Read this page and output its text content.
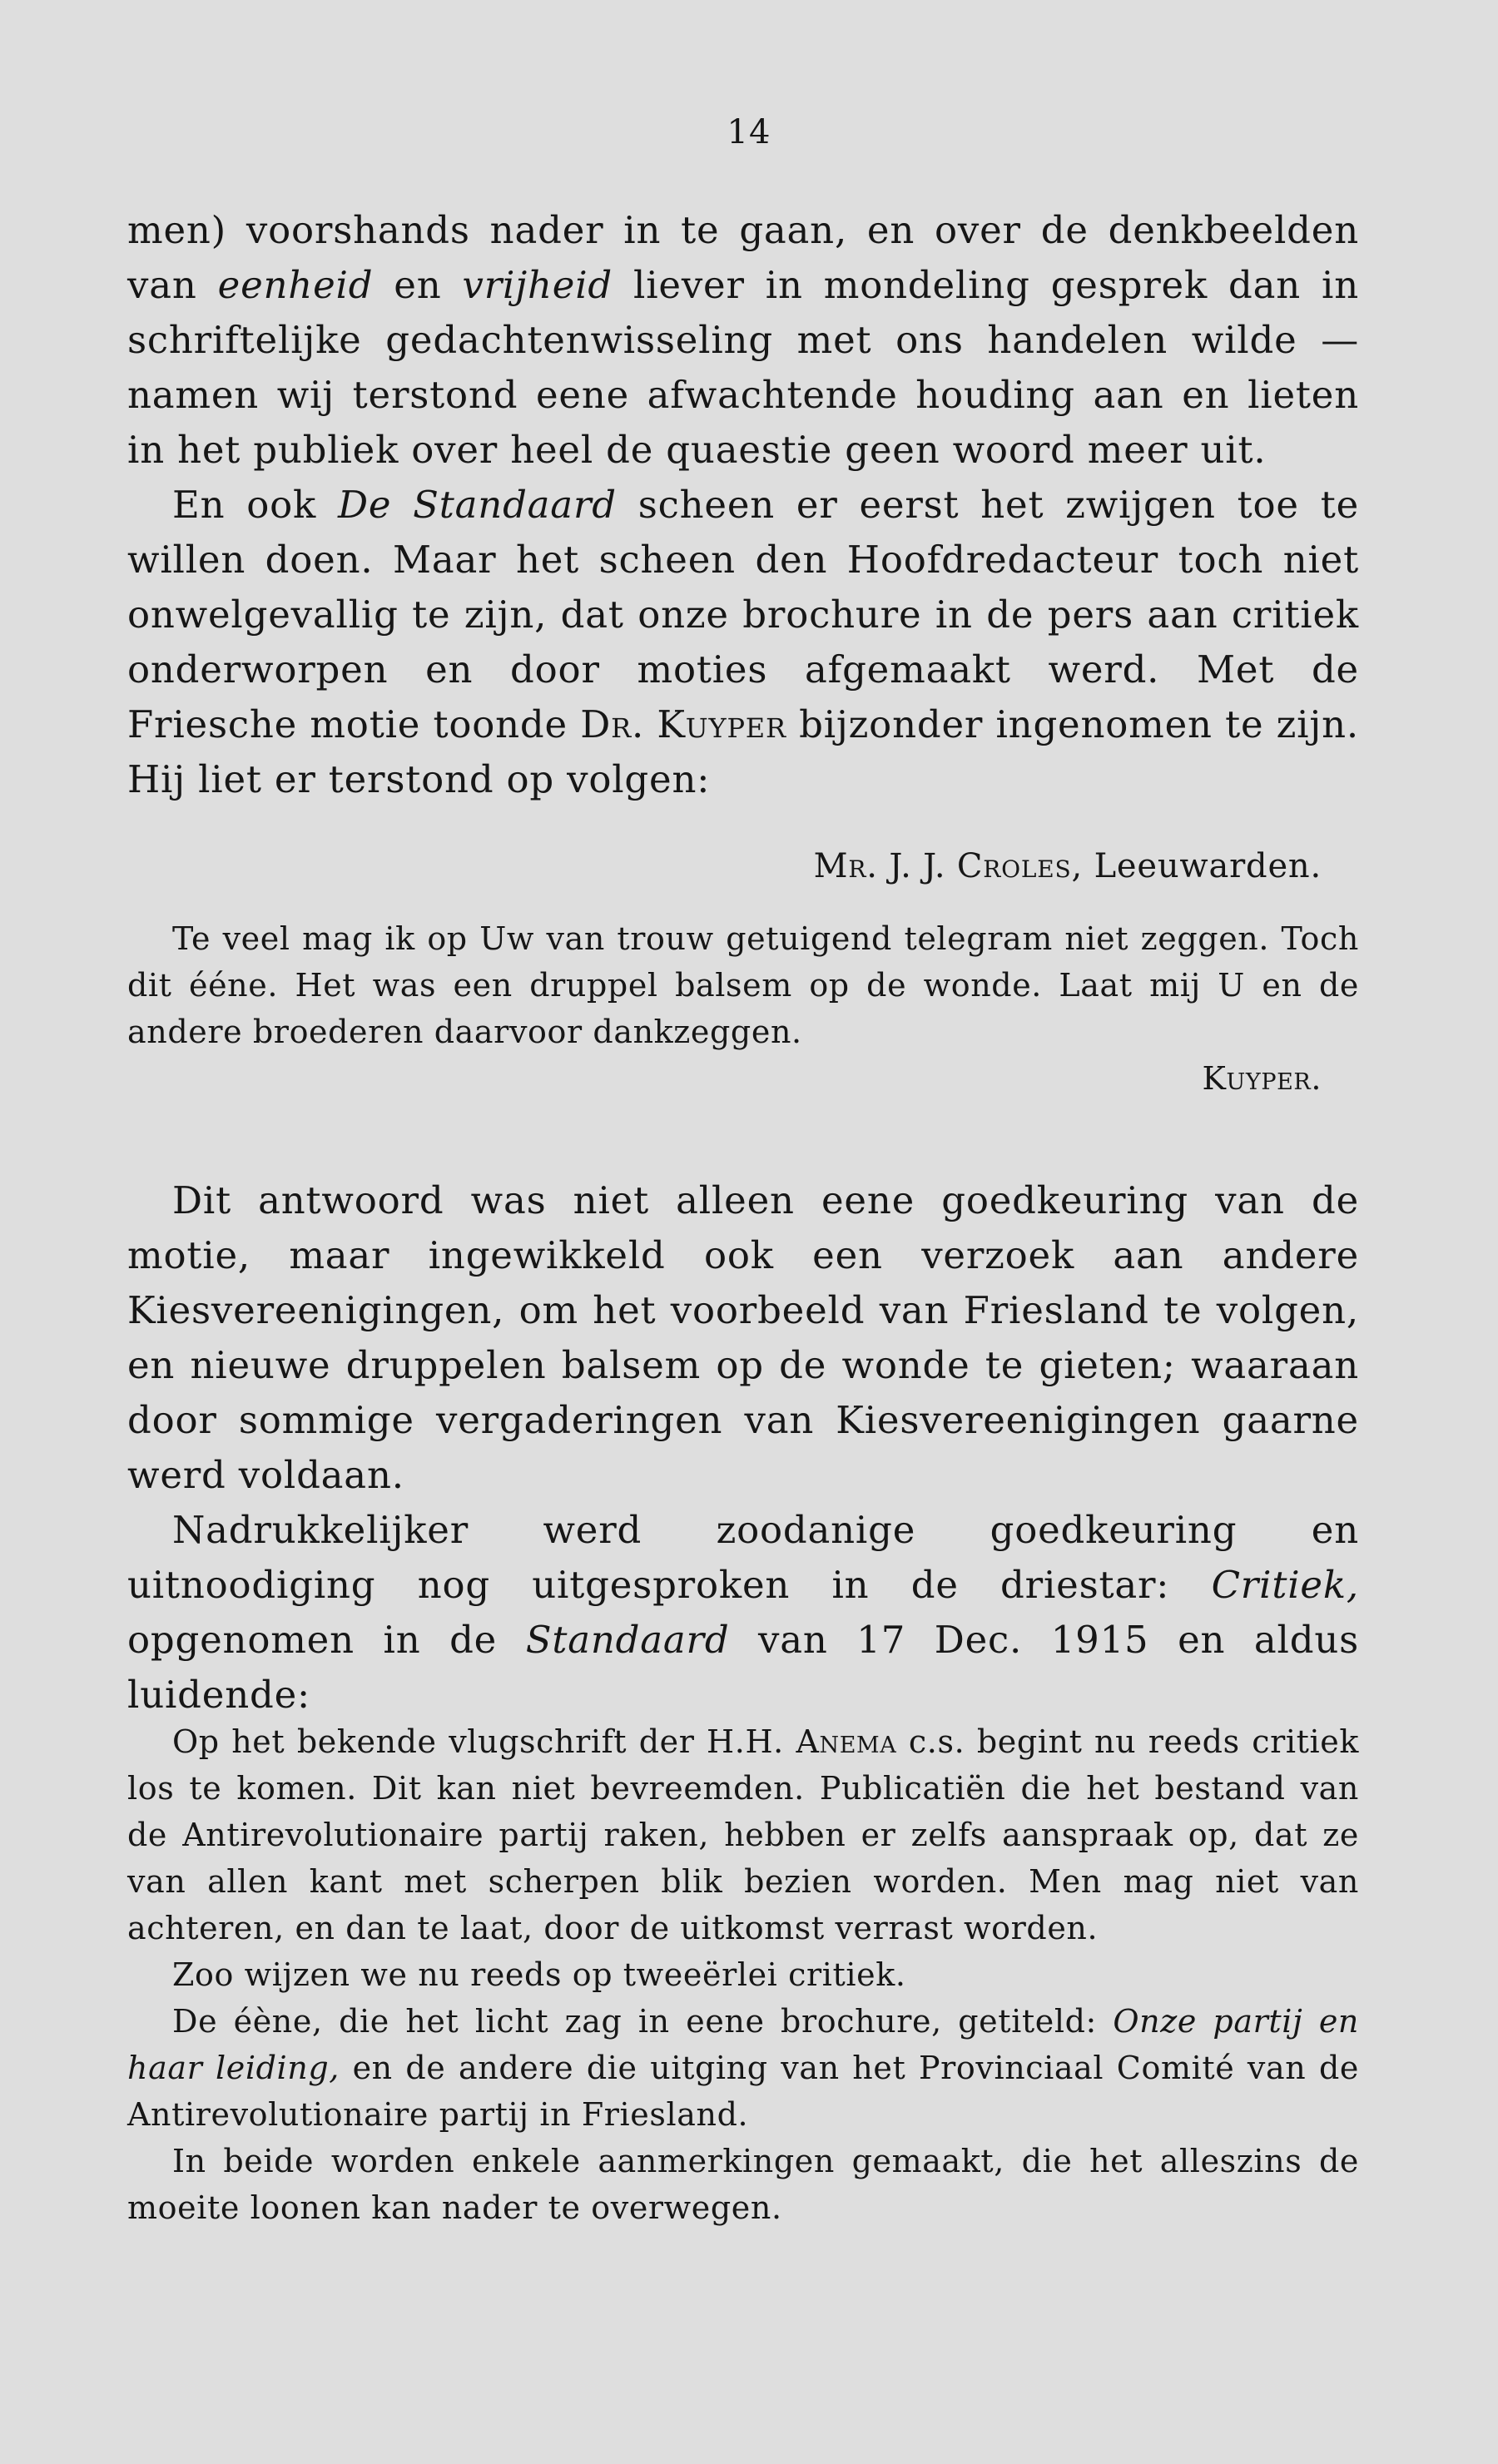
14

men) voorshands nader in te gaan, en over de denkbeelden van eenheid en vrijheid liever in mondeling gesprek dan in schriftelijke gedachtenwisseling met ons handelen wilde — namen wij terstond eene afwachtende houding aan en lieten in het publiek over heel de quaestie geen woord meer uit.

En ook De Standaard scheen er eerst het zwijgen toe te willen doen. Maar het scheen den Hoofdredacteur toch niet onwelgevallig te zijn, dat onze brochure in de pers aan critiek onderworpen en door moties afgemaakt werd. Met de Friesche motie toonde Dr. Kuyper bijzonder ingenomen te zijn. Hij liet er terstond op volgen:

Mr. J. J. Croles, Leeuwarden.

Te veel mag ik op Uw van trouw getuigend telegram niet zeggen. Toch dit ééne. Het was een druppel balsem op de wonde. Laat mij U en de andere broederen daarvoor dankzeggen.

Kuyper.

Dit antwoord was niet alleen eene goedkeuring van de motie, maar ingewikkeld ook een verzoek aan andere Kiesvereenigingen, om het voorbeeld van Friesland te volgen, en nieuwe druppelen balsem op de wonde te gieten; waaraan door sommige vergaderingen van Kiesvereenigingen gaarne werd voldaan.

Nadrukkelijker werd zoodanige goedkeuring en uitnoodiging nog uitgesproken in de driestar: Critiek, opgenomen in de Standaard van 17 Dec. 1915 en aldus luidende:

Op het bekende vlugschrift der H.H. Anema c.s. begint nu reeds critiek los te komen. Dit kan niet bevreemden. Publicatiën die het bestand van de Antirevolutionaire partij raken, hebben er zelfs aanspraak op, dat ze van allen kant met scherpen blik bezien worden. Men mag niet van achteren, en dan te laat, door de uitkomst verrast worden.

Zoo wijzen we nu reeds op tweeërlei critiek.

De éène, die het licht zag in eene brochure, getiteld: Onze partij en haar leiding, en de andere die uitging van het Provinciaal Comité van de Antirevolutionaire partij in Friesland.

In beide worden enkele aanmerkingen gemaakt, die het alleszins de moeite loonen kan nader te overwegen.
